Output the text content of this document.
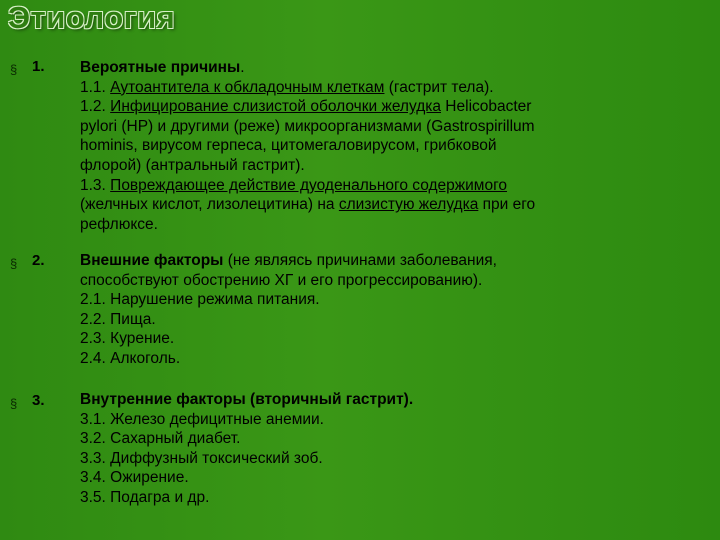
Этиология
§ 1. Вероятные причины.
1.1. Аутоантитела к обкладочным клеткам (гастрит тела).
1.2. Инфицирование слизистой оболочки желудка Helicobacter
pylori (НР) и другими (реже) микроорганизмами (Gastrospirillum
hominis, вирусом герпеса, цитомегаловирусом, грибковой
флорой) (антральный гастрит).
1.3. Повреждающее действие дуоденального содержимого
(желчных кислот, лизолецитина) на слизистую желудка при его
рефлюксе.
§ 2. Внешние факторы (не являясь причинами заболевания,
способствуют обострению ХГ и его прогрессированию).
2.1. Нарушение режима питания.
2.2. Пища.
2.3. Курение.
2.4. Алкоголь.
§ 3. Внутренние факторы (вторичный гастрит).
3.1. Железо дефицитные анемии.
3.2. Сахарный диабет.
3.3. Диффузный токсический зоб.
3.4. Ожирение.
3.5. Подагра и др.
